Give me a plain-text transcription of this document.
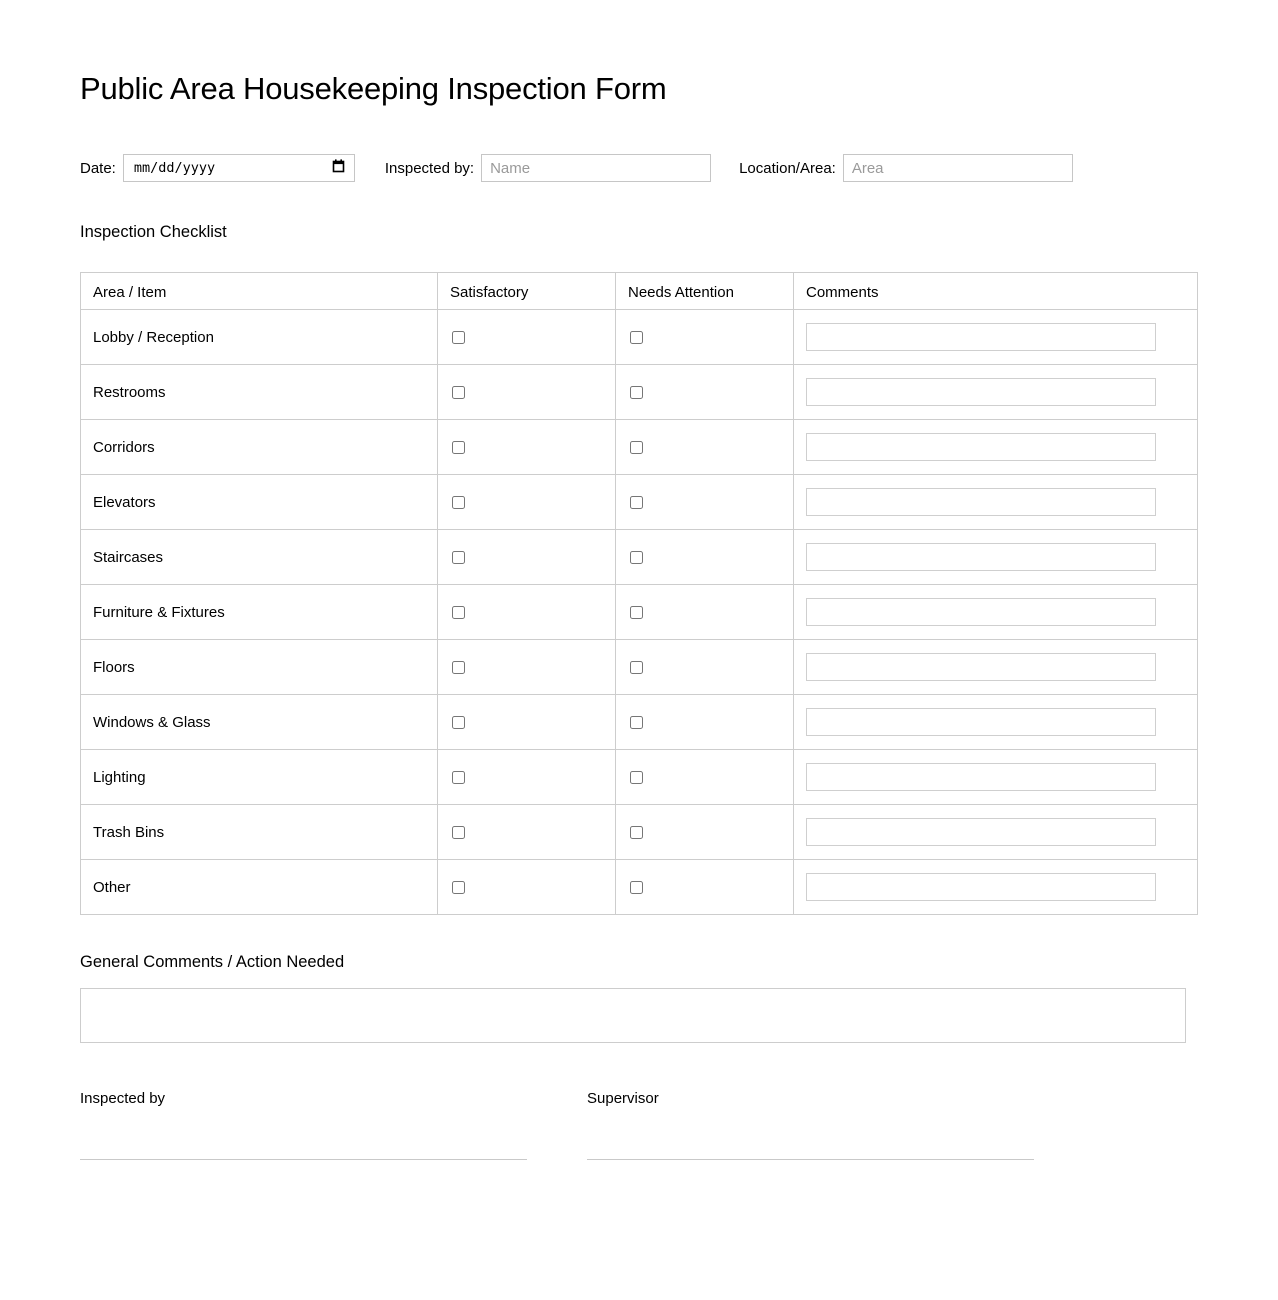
Public Area Housekeeping Inspection Form
Date: mm/dd/yyyy	Inspected by:
Name	Location/Area:
Area
Inspection Checklist
Area / Item	Satisfactory	Needs Attention	Comments
Lobby / Reception			
Restrooms			
Corridors			
Elevators			
Staircases			
Furniture & Fixtures			
Floors			
Windows & Glass			
Lighting			
Trash Bins			
Other			
General Comments / Action Needed
Inspected by	Supervisor
